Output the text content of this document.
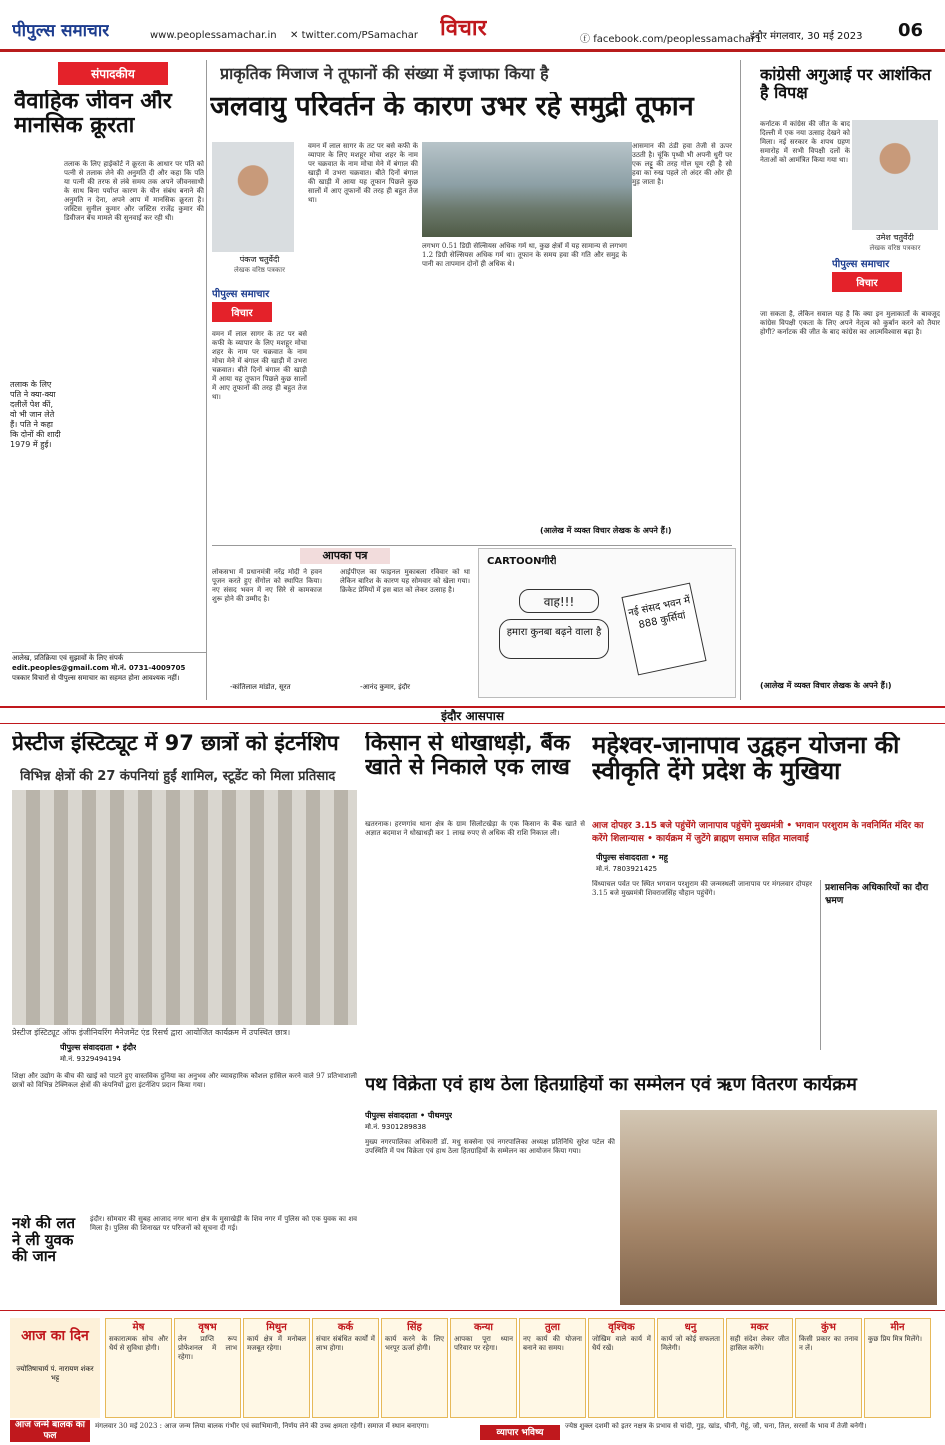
पीपुल्स समाचार	www.peoplessamachar.in ✕ twitter.com/PSamachar विचार	ⓕ facebook.com/peoplessamachar1
इंदौर मंगलवार, 30 मई 2023 06
संपादकीय
वैवाहिक जीवन और मानसिक क्रूरता
तलाक के लिए हाईकोर्ट ने क्रूरता के आधार पर पति को पत्नी से तलाक लेने की अनुमति दी और कहा कि पति या पत्नी की तरफ से लंबे समय तक अपने जीवनसाथी के साथ बिना पर्याप्त कारण के यौन संबंध बनाने की अनुमति न देना, अपने आप में मानसिक क्रूरता है। जस्टिस सुनील कुमार और जस्टिस राजेंद्र कुमार की डिवीजन बेंच मामले की सुनवाई कर रही थी।
तलाक के लिए पति ने क्या-क्या दलीलें पेश कीं, वो भी जान लेते हैं। पति ने कहा कि दोनों की शादी 1979 में हुई।
आलेख, प्रतिक्रिया एवं सुझावों के लिए संपर्क
edit.peoples@gmail.com मो.नं. 0731-4009705
पत्रकार विचारों से पीपुल्स समाचार का सहमत होना आवश्यक नहीं।
प्राकृतिक मिजाज ने तूफानों की संख्या में इजाफा किया है
जलवायु परिवर्तन के कारण उभर रहे समुद्री तूफान
पंकज चतुर्वेदी
लेखक वरिष्ठ पत्रकार
पीपुल्स समाचार
विचार
वमन में लाल सागर के तट पर बसे कफी के व्यापार के लिए मशहूर मोचा शहर के नाम पर चक्रवात के नाम मोचा मेने में बंगाल की खाड़ी में उभरा चक्रवात। बीते दिनों बंगाल की खाड़ी में आया यह तूफान पिछले कुछ सालों में आए तूफानों की तरह ही बहुत तेज था।
वमन में लाल सागर के तट पर बसे कफी के व्यापार के लिए मशहूर मोचा शहर के नाम पर चक्रवात के नाम मोचा मेने में बंगाल की खाड़ी में उभरा चक्रवात। बीते दिनों बंगाल की खाड़ी में आया यह तूफान पिछले कुछ सालों में आए तूफानों की तरह ही बहुत तेज था।
लगभग 0.51 डिग्री सेल्सियस अधिक गर्म था, कुछ क्षेत्रों में यह सामान्य से लगभग 1.2 डिग्री सेल्सियस अधिक गर्म था। तूफान के समय हवा की गति और समुद्र के पानी का तापमान दोनों ही अधिक थे।
आसमान की ठंडी हवा तेजी से ऊपर उठती है। चूंकि पृथ्वी भी अपनी धुरी पर एक लट्टू की तरह गोल घूम रही है सो हवा का रुख पहले तो अंदर की ओर ही मुड़ जाता है।
(आलेख में व्यक्त विचार लेखक के अपने हैं।)
आपका पत्र
लोकसभा में प्रधानमंत्री नरेंद्र मोदी ने हवन पूजन करते हुए सेंगोल को स्थापित किया। नए संसद भवन में नए सिरे से कामकाज शुरू होने की उम्मीद है।
-कांतिलाल मांडोत, सूरत
आईपीएल का फाइनल मुकाबला रविवार को था लेकिन बारिश के कारण यह सोमवार को खेला गया। क्रिकेट प्रेमियों में इस बात को लेकर उत्साह है।
-आनंद कुमार, इंदौर
CARTOONगीरी
वाह!!!
हमारा कुनबा बढ़ने वाला है
नई संसद भवन में 888 कुर्सियां
कांग्रेसी अगुआई पर आशंकित है विपक्ष
कर्नाटक में कांग्रेस की जीत के बाद दिल्ली में एक नया उत्साह देखने को मिला। नई सरकार के शपथ ग्रहण समारोह में सभी विपक्षी दलों के नेताओं को आमंत्रित किया गया था।
उमेश चतुर्वेदी
लेखक वरिष्ठ पत्रकार
पीपुल्स समाचार
विचार
जा सकता है, लेकिन सवाल यह है कि क्या इन मुलाकातों के बावजूद कांग्रेस विपक्षी एकता के लिए अपने नेतृत्व को कुर्बान करने को तैयार होगी? कर्नाटक की जीत के बाद कांग्रेस का आत्मविश्वास बढ़ा है।
(आलेख में व्यक्त विचार लेखक के अपने हैं।)
इंदौर आसपास
प्रेस्टीज इंस्टिट्यूट में 97 छात्रों को इंटर्नशिप
विभिन्न क्षेत्रों की 27 कंपनियां हुईं शामिल, स्टूडेंट को मिला प्रतिसाद
प्रेस्टीज इंस्टिट्यूट ऑफ इंजीनियरिंग मैनेजमेंट एंड रिसर्च द्वारा आयोजित कार्यक्रम में उपस्थित छात्र।
पीपुल्स संवाददाता • इंदौर
मो.नं. 9329494194
शिक्षा और उद्योग के बीच की खाई को पाटने हुए वास्तविक दुनिया का अनुभव और व्यावहारिक कौशल हासिल करने वाले 97 प्रतिभाशाली छात्रों को विभिन्न टेक्निकल क्षेत्रों की कंपनियों द्वारा इंटर्नशिप प्रदान किया गया।
किसान से धोखाधड़ी, बैंक खाते से निकाले एक लाख
खतरनाक। हरणगांव थाना क्षेत्र के ग्राम सिलोटखेड़ा के एक किसान के बैंक खाते से अज्ञात बदमाश ने धोखाधड़ी कर 1 लाख रुपए से अधिक की राशि निकाल ली।
महेश्वर-जानापाव उद्वहन योजना की स्वीकृति देंगे प्रदेश के मुखिया
आज दोपहर 3.15 बजे पहुंचेंगे जानापाव पहुंचेंगे मुख्यमंत्री • भगवान परशुराम के नवनिर्मित मंदिर का करेंगे शिलान्यास • कार्यक्रम में जुटेंगे ब्राह्मण समाज सहित मालवाई
पीपुल्स संवाददाता • महू
मो.नं. 7803921425
विंध्याचल पर्वत पर स्थित भगवान परशुराम की जन्मस्थली जानापाव पर मंगलवार दोपहर 3.15 बजे मुख्यमंत्री शिवराजसिंह चौहान पहुंचेंगे।	प्रशासनिक अधिकारियों का दौरा भ्रमण
नशे की लत ने ली युवक की जान
इंदौर। सोमवार की सुबह आजाद नगर थाना क्षेत्र के मुसाखेड़ी के शिव नगर में पुलिस को एक युवक का शव मिला है। पुलिस की शिनाख्त पर परिजनों को सूचना दी गई।
पथ विक्रेता एवं हाथ ठेला हितग्राहियों का सम्मेलन एवं ऋण वितरण कार्यक्रम
पीपुल्स संवाददाता • पीथमपुर
मो.नं. 9301289838
मुख्य नगरपालिका अधिकारी डॉ. मधु सक्सेना एवं नगरपालिका अध्यक्ष प्रतिनिधि सुरेश पटेल की उपस्थिति में पथ विक्रेता एवं हाथ ठेला हितग्राहियों के सम्मेलन का आयोजन किया गया।
आज का दिन
ज्योतिषाचार्य पं. नारायण शंकर भट्ट
मेष
सकारात्मक सोच और धैर्य से सुविधा होगी।
वृषभ
लेन प्राप्ति रूप प्रोफेशनल में लाभ रहेगा।
मिथुन
कार्य क्षेत्र में मनोबल मजबूत रहेगा।
कर्क
संचार संबंधित कार्यों में लाभ होगा।
सिंह
कार्य करने के लिए भरपूर ऊर्जा होगी।
कन्या
आपका पूरा ध्यान परिवार पर रहेगा।
तुला
नए कार्य की योजना बनाने का समय।
वृश्चिक
जोखिम वाले कार्य में धैर्य रखें।
धनु
कार्य जो कोई सफलता मिलेगी।
मकर
सही संदेश लेकर जीत हासिल करेंगे।
कुंभ
किसी प्रकार का तनाव न लें।
मीन
कुछ प्रिय मित्र मिलेंगे।
आज जन्मे बालक का फल
मंगलवार 30 मई 2023 : आज जन्म लिया बालक गंभीर एवं स्वाभिमानी, निर्णय लेने की उच्च क्षमता रहेगी। समाज में स्थान बनाएगा।
व्यापार भविष्य
ज्येष्ठ शुक्ल दशमी को इतर नक्षत्र के प्रभाव से चांदी, गुड़, खांड, चीनी, गेहूं, जौ, चना, तिल, सरसों के भाव में तेजी बनेगी।
